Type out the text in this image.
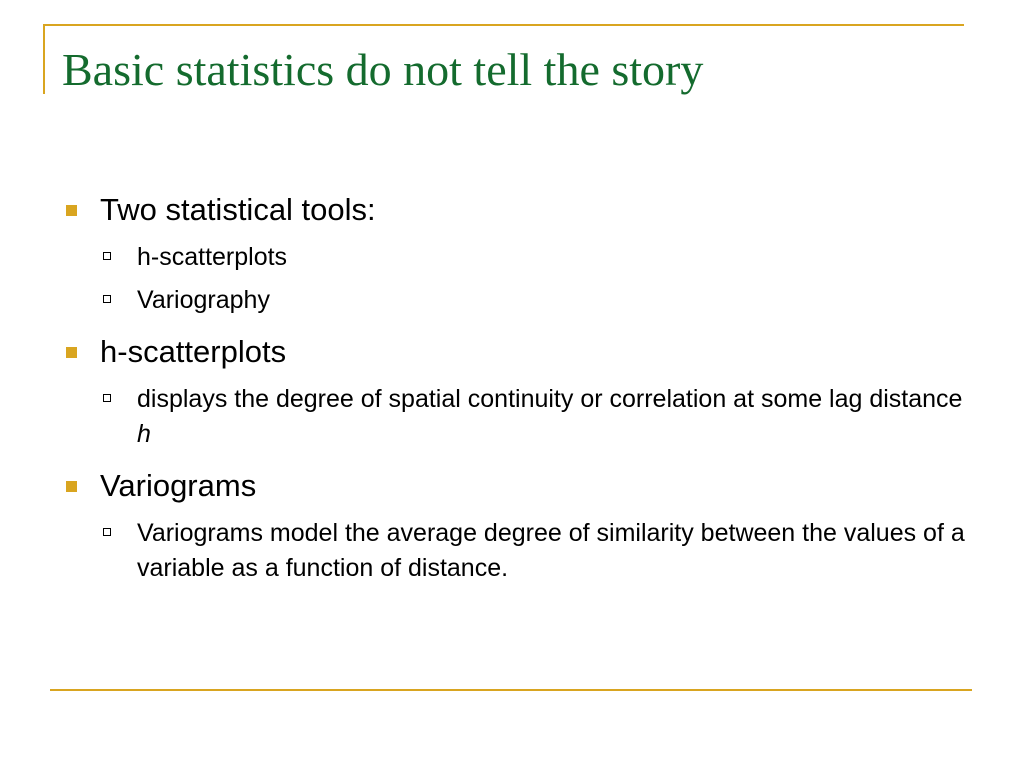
Basic statistics do not tell the story
Two statistical tools:
h-scatterplots
Variography
h-scatterplots
displays the degree of spatial continuity or correlation at some lag distance h
Variograms
Variograms model the average degree of similarity between the values of a variable as a function of distance.
